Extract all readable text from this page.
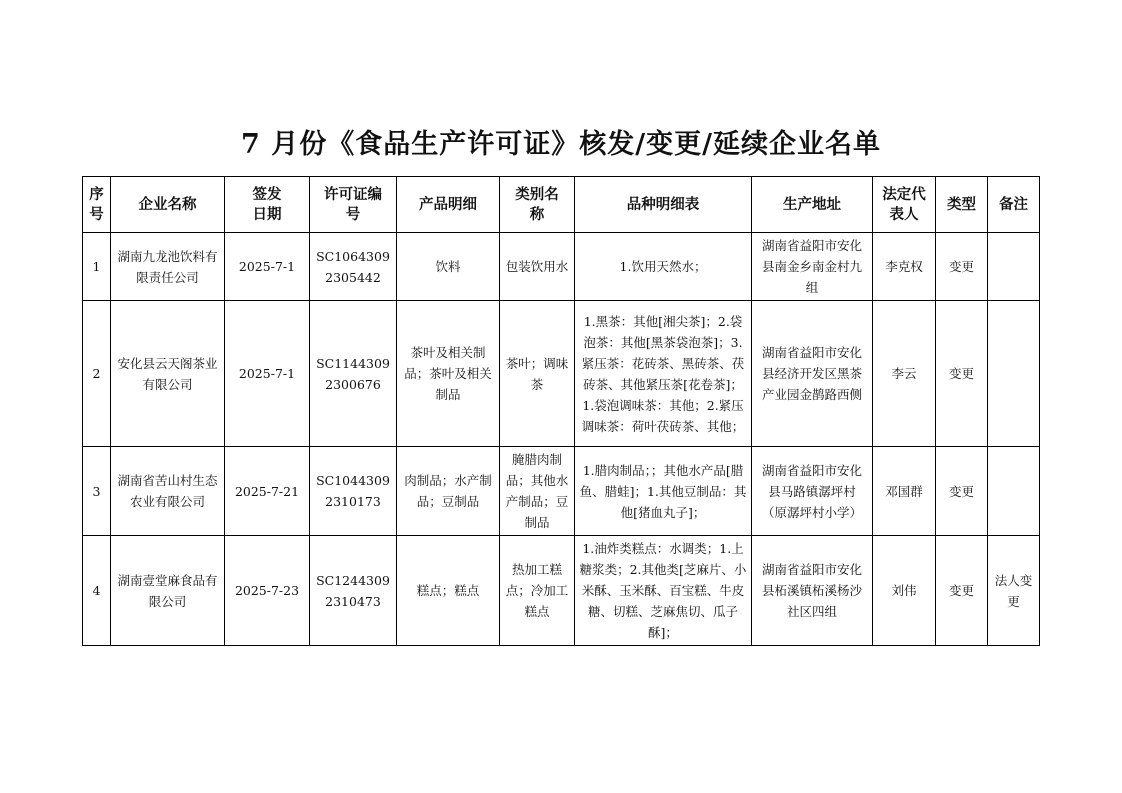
7 月份《食品生产许可证》核发/变更/延续企业名单
序号	企业名称	签发日期	许可证编号	产品明细	类别名称	品种明细表	生产地址	法定代表人	类型	备注

1	湖南九龙池饮料有限责任公司	2025-7-1	SC10643092305442	饮料	包装饮用水	1.饮用天然水；	湖南省益阳市安化县南金乡南金村九组	李克权	变更	

2	安化县云天阁茶业有限公司	2025-7-1	SC11443092300676	茶叶及相关制品；茶叶及相关制品	茶叶；调味茶	1.黑茶：其他[湘尖茶]；2.袋泡茶：其他[黑茶袋泡茶]；3.紧压茶：花砖茶、黑砖茶、茯砖茶、其他紧压茶[花卷茶]；1.袋泡调味茶：其他；2.紧压调味茶：荷叶茯砖茶、其他；	湖南省益阳市安化县经济开发区黑茶产业园金鹊路西侧	李云	变更	

3	湖南省苦山村生态农业有限公司	2025-7-21	SC10443092310173	肉制品；水产制品；豆制品	腌腊肉制品；其他水产制品；豆制品	1.腊肉制品；；其他水产品[腊鱼、腊蛙]；1.其他豆制品：其他[猪血丸子]；	湖南省益阳市安化县马路镇潺坪村（原潺坪村小学）	邓国群	变更	

4	湖南壹堂麻食品有限公司	2025-7-23	SC12443092310473	糕点；糕点	热加工糕点；冷加工糕点	1.油炸类糕点：水调类；1.上糖浆类；2.其他类[芝麻片、小米酥、玉米酥、百宝糕、牛皮糖、切糕、芝麻焦切、瓜子酥]；	湖南省益阳市安化县柘溪镇柘溪杨沙社区四组	刘伟	变更	法人变更
